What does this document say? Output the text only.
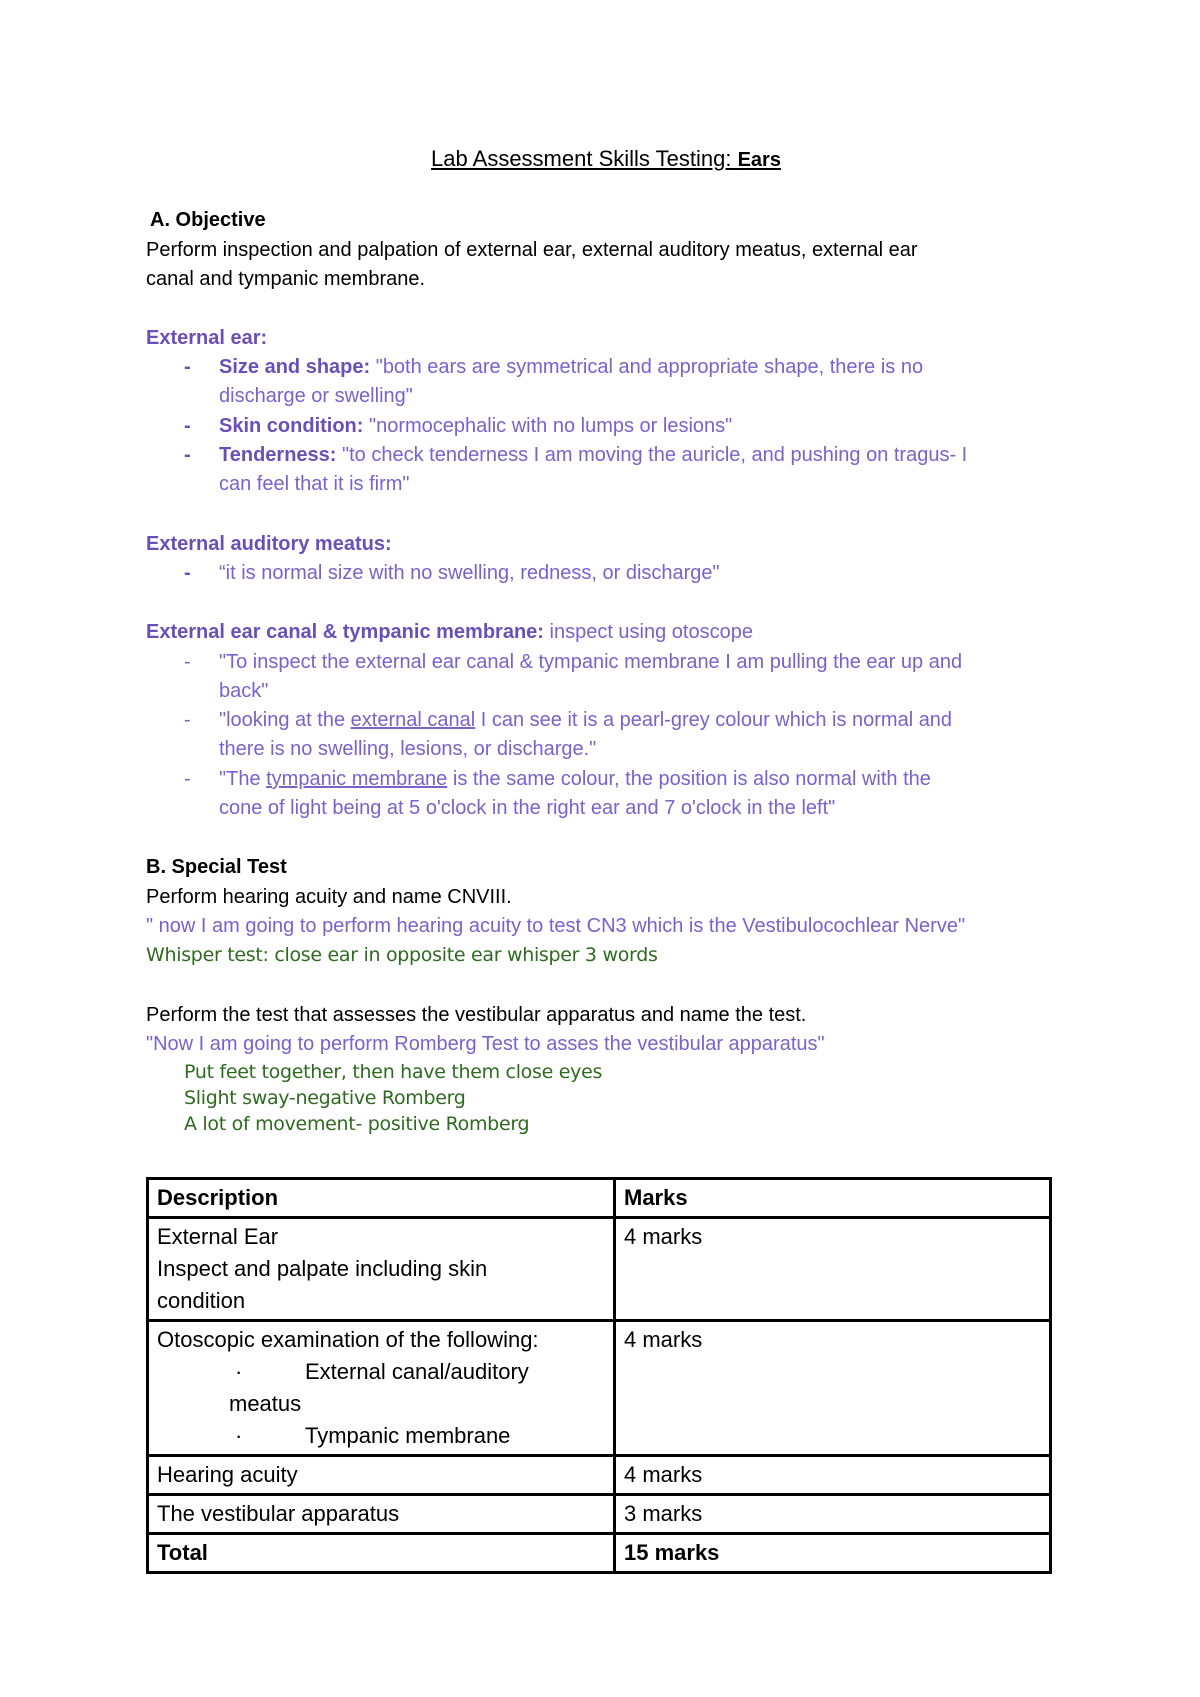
Lab Assessment Skills Testing: Ears
A. Objective
Perform inspection and palpation of external ear, external auditory meatus, external ear
canal and tympanic membrane.
External ear:
- Size and shape: "both ears are symmetrical and appropriate shape, there is no
discharge or swelling"
- Skin condition: "normocephalic with no lumps or lesions"
- Tenderness: "to check tenderness I am moving the auricle, and pushing on tragus- I
can feel that it is firm"
External auditory meatus:
- “it is normal size with no swelling, redness, or discharge"
External ear canal & tympanic membrane: inspect using otoscope
- "To inspect the external ear canal & tympanic membrane I am pulling the ear up and
back"
- "looking at the external canal I can see it is a pearl-grey colour which is normal and
there is no swelling, lesions, or discharge."
- "The tympanic membrane is the same colour, the position is also normal with the
cone of light being at 5 o'clock in the right ear and 7 o'clock in the left"
B. Special Test
Perform hearing acuity and name CNVIII.
" now I am going to perform hearing acuity to test CN3 which is the Vestibulocochlear Nerve"
Whisper test: close ear in opposite ear whisper 3 words
Perform the test that assesses the vestibular apparatus and name the test.
"Now I am going to perform Romberg Test to asses the vestibular apparatus"
Put feet together, then have them close eyes
Slight sway-negative Romberg
A lot of movement- positive Romberg
Description	Marks

External Ear
Inspect and palpate including skin
condition	4 marks

Otoscopic examination of the following:
· External canal/auditory
meatus
· Tympanic membrane	4 marks
Hearing acuity	4 marks
The vestibular apparatus	3 marks
Total	15 marks
